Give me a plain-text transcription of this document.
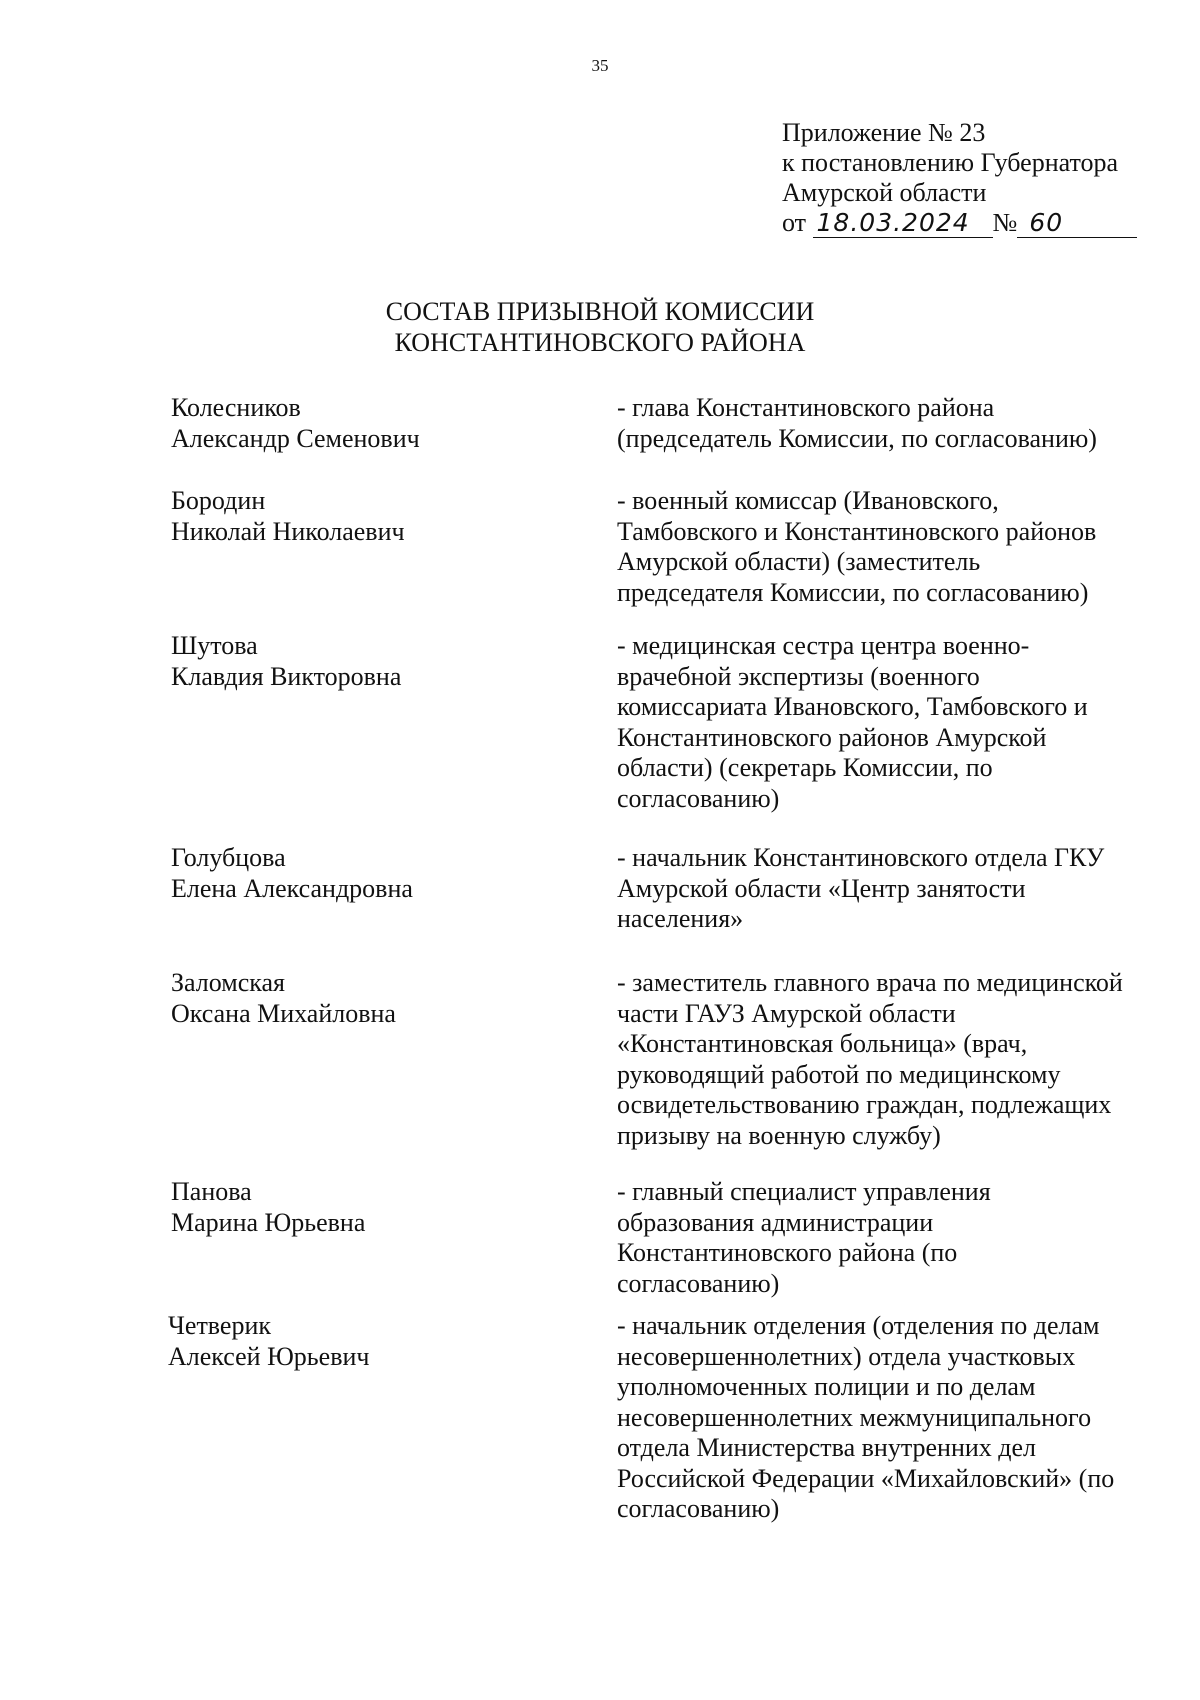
35
Приложение № 23
к постановлению Губернатора
Амурской области
от
18.03.2024 № 60
СОСТАВ ПРИЗЫВНОЙ КОМИССИИ
КОНСТАНТИНОВСКОГО РАЙОНА
Колесников
Александр Семенович
- глава Константиновского района
(председатель Комиссии, по согласованию)
Бородин
Николай Николаевич
- военный комиссар (Ивановского,
Тамбовского и Константиновского районов
Амурской области) (заместитель
председателя Комиссии, по согласованию)
Шутова
Клавдия Викторовна
- медицинская сестра центра военно-
врачебной экспертизы (военного
комиссариата Ивановского, Тамбовского и
Константиновского районов Амурской
области) (секретарь Комиссии, по
согласованию)
Голубцова
Елена Александровна
- начальник Константиновского отдела ГКУ
Амурской области «Центр занятости
населения»
Заломская
Оксана Михайловна
- заместитель главного врача по медицинской
части ГАУЗ Амурской области
«Константиновская больница» (врач,
руководящий работой по медицинскому
освидетельствованию граждан, подлежащих
призыву на военную службу)
Панова
Марина Юрьевна
- главный специалист управления
образования администрации
Константиновского района (по
согласованию)
Четверик
Алексей Юрьевич
- начальник отделения (отделения по делам
несовершеннолетних) отдела участковых
уполномоченных полиции и по делам
несовершеннолетних межмуниципального
отдела Министерства внутренних дел
Российской Федерации «Михайловский» (по
согласованию)
